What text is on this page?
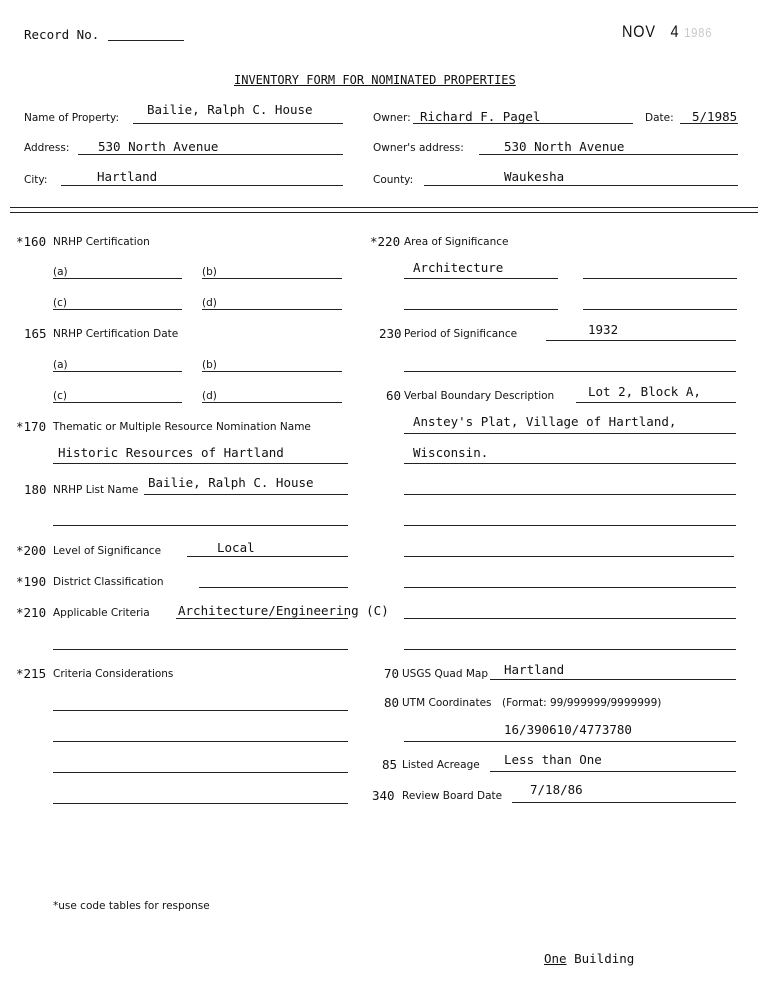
Record No.	NOV 4 1986
INVENTORY FORM FOR NOMINATED PROPERTIES
Name of Property:
Bailie, Ralph C. House
Owner: Richard F. Pagel	Date: 5/1985
Address: 530 North Avenue	Owner's address:	530 North Avenue
City:	Hartland	County:	Waukesha
*160 NRHP Certification
(a)	(b)
(c)	(d)
165 NRHP Certification Date
(a)	(b)
(c)	(d)
*170 Thematic or Multiple Resource Nomination Name
Historic Resources of Hartland
180 NRHP List Name Bailie, Ralph C. House
*200 Level of Significance	Local
*190 District Classification
*210 Applicable Criteria Architecture/Engineering (C)
*215 Criteria Considerations
*220 Area of Significance
Architecture
230 Period of Significance	1932
60 Verbal Boundary Description	Lot 2, Block A,
Anstey's Plat, Village of Hartland,
Wisconsin.
70 USGS Quad Map Hartland
80 UTM Coordinates (Format: 99/999999/9999999)
16/390610/4773780
85 Listed Acreage Less than One
340 Review Board Date 7/18/86
*use code tables for response
One Building
